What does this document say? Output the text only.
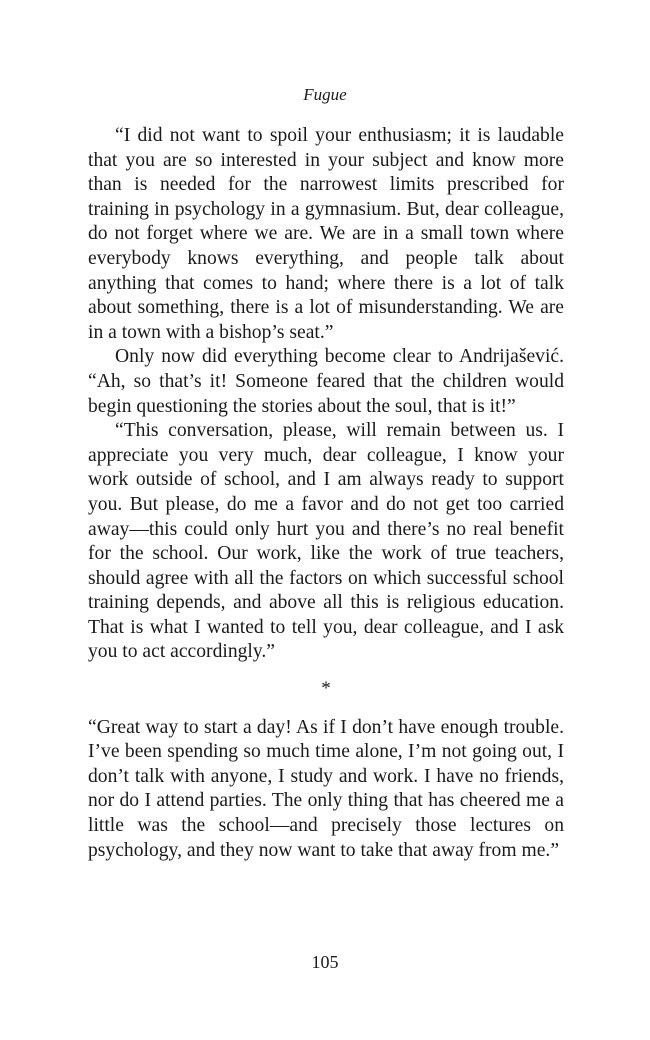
Fugue

“I did not want to spoil your enthusiasm; it is laudable that you are so interested in your subject and know more than is needed for the narrowest limits prescribed for training in psychology in a gymnasium. But, dear colleague, do not forget where we are. We are in a small town where everybody knows everything, and people talk about anything that comes to hand; where there is a lot of talk about something, there is a lot of misunderstanding. We are in a town with a bishop’s seat.”

Only now did everything become clear to Andrijašević. “Ah, so that’s it! Someone feared that the children would begin questioning the stories about the soul, that is it!”

“This conversation, please, will remain between us. I appreciate you very much, dear colleague, I know your work outside of school, and I am always ready to support you. But please, do me a favor and do not get too carried away—this could only hurt you and there’s no real benefit for the school. Our work, like the work of true teachers, should agree with all the factors on which successful school training depends, and above all this is religious education. That is what I wanted to tell you, dear colleague, and I ask you to act accordingly.”

*

“Great way to start a day! As if I don’t have enough trouble. I’ve been spending so much time alone, I’m not going out, I don’t talk with anyone, I study and work. I have no friends, nor do I attend parties. The only thing that has cheered me a little was the school—and precisely those lectures on psychology, and they now want to take that away from me.”

105
